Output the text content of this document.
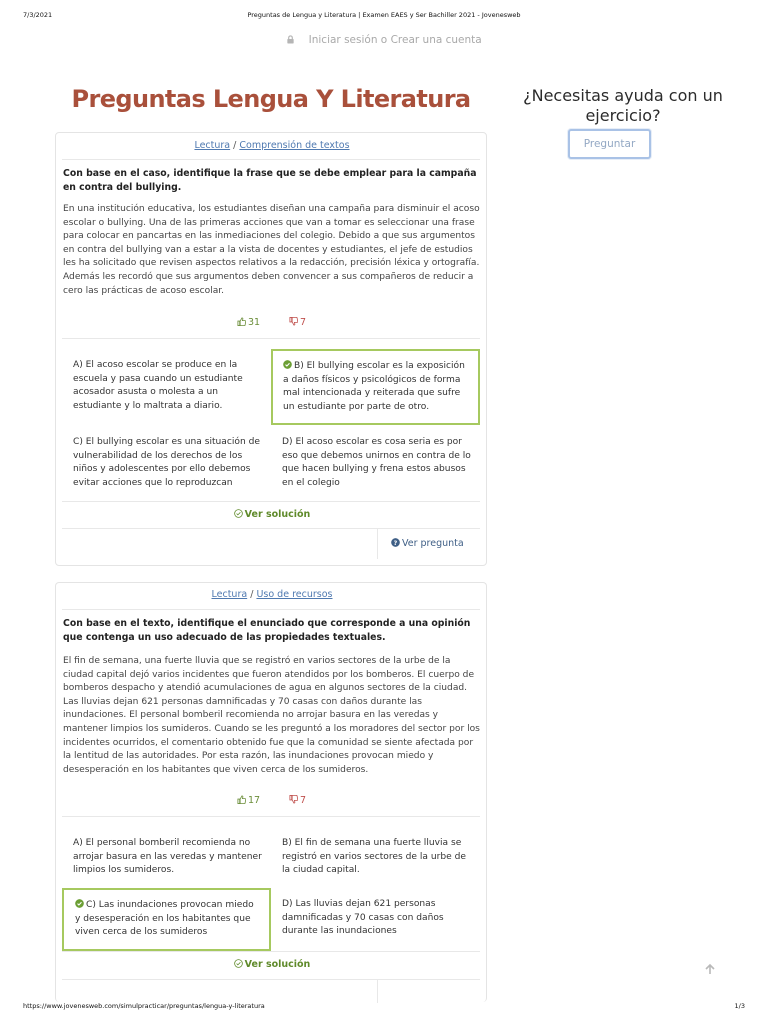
7/3/2021	Preguntas de Lengua y Literatura | Examen EAES y Ser Bachiller 2021 - Jovenesweb
https://www.jovenesweb.com/simulpracticar/preguntas/lengua-y-literatura	1/3
Iniciar sesión o Crear una cuenta
Preguntas Lengua Y Literatura	¿Necesitas ayuda con un ejercicio?
Preguntar
Lectura / Comprensión de textos
Con base en el caso, identifique la frase que se debe emplear para la campaña en contra del bullying.
En una institución educativa, los estudiantes diseñan una campaña para disminuir el acoso escolar o bullying. Una de las primeras acciones que van a tomar es seleccionar una frase para colocar en pancartas en las inmediaciones del colegio. Debido a que sus argumentos en contra del bullying van a estar a la vista de docentes y estudiantes, el jefe de estudios les ha solicitado que revisen aspectos relativos a la redacción, precisión léxica y ortografía. Además les recordó que sus argumentos deben convencer a sus compañeros de reducir a cero las prácticas de acoso escolar.
31	7
A) El acoso escolar se produce en la escuela y pasa cuando un estudiante acosador asusta o molesta a un estudiante y lo maltrata a diario.
B) El bullying escolar es la exposición a daños físicos y psicológicos de forma mal intencionada y reiterada que sufre un estudiante por parte de otro.
C) El bullying escolar es una situación de vulnerabilidad de los derechos de los niños y adolescentes por ello debemos evitar acciones que lo reproduzcan
D) El acoso escolar es cosa seria es por eso que debemos unirnos en contra de lo que hacen bullying y frena estos abusos en el colegio
Ver solución
? Ver pregunta
Lectura / Uso de recursos
Con base en el texto, identifique el enunciado que corresponde a una opinión que contenga un uso adecuado de las propiedades textuales.
El fin de semana, una fuerte lluvia que se registró en varios sectores de la urbe de la ciudad capital dejó varios incidentes que fueron atendidos por los bomberos. El cuerpo de bomberos despacho y atendió acumulaciones de agua en algunos sectores de la ciudad. Las lluvias dejan 621 personas damnificadas y 70 casas con daños durante las inundaciones. El personal bomberil recomienda no arrojar basura en las veredas y mantener limpios los sumideros. Cuando se les preguntó a los moradores del sector por los incidentes ocurridos, el comentario obtenido fue que la comunidad se siente afectada por la lentitud de las autoridades. Por esta razón, las inundaciones provocan miedo y desesperación en los habitantes que viven cerca de los sumideros.
17	7
A) El personal bomberil recomienda no arrojar basura en las veredas y mantener limpios los sumideros.
B) El fin de semana una fuerte lluvia se registró en varios sectores de la urbe de la ciudad capital.
C) Las inundaciones provocan miedo y desesperación en los habitantes que viven cerca de los sumideros
D) Las lluvias dejan 621 personas damnificadas y 70 casas con daños durante las inundaciones
Ver solución
